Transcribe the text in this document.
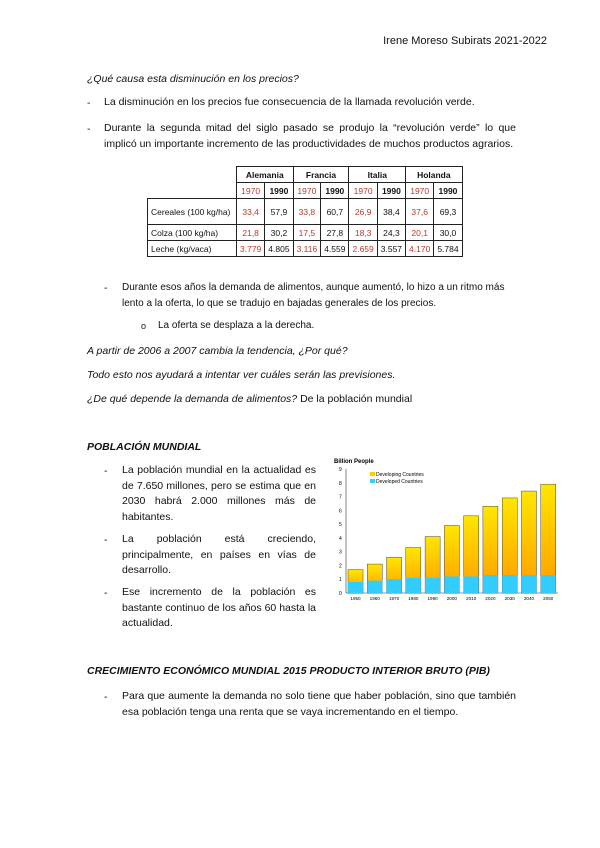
Irene Moreso Subirats 2021-2022
¿Qué causa esta disminución en los precios?
- La disminución en los precios fue consecuencia de la llamada revolución verde.
- Durante la segunda mitad del siglo pasado se produjo la “revolución verde” lo que implicó un importante incremento de las productividades de muchos productos agrarios.
	Alemania		Francia		Italia		Holanda	
	1970	1990	1970	1990	1970	1990	1970	1990
Cereales (100 kg/ha)	33,4	57,9	33,8	60,7	26,9	38,4	37,6	69,3
Colza (100 kg/ha)	21,8	30,2	17,5	27,8	18,3	24,3	20,1	30,0
Leche (kg/vaca)	3.779	4.805	3.116	4.559	2.659	3.557	4.170	5.784
- Durante esos años la demanda de alimentos, aunque aumentó, lo hizo a un ritmo más lento a la oferta, lo que se tradujo en bajadas generales de los precios.
o La oferta se desplaza a la derecha.
A partir de 2006 a 2007 cambia la tendencia, ¿Por qué?
Todo esto nos ayudará a intentar ver cuáles serán las previsiones.
¿De qué depende la demanda de alimentos? De la población mundial
POBLACIÓN MUNDIAL
- La población mundial en la actualidad es de 7.650 millones, pero se estima que en 2030 habrá 2.000 millones más de habitantes.
- La población está creciendo, principalmente, en países en vías de desarrollo.
- Ese incremento de la población es bastante continuo de los años 60 hasta la actualidad.
Billion People
0
1
2
3
4
5
6
7
8
9
1950 1960 1970 1980 1990 2000 2010 2020 2030 2040 2050
Developing Countries
Developed Countries
CRECIMIENTO ECONÓMICO MUNDIAL 2015 PRODUCTO INTERIOR BRUTO (PIB)
- Para que aumente la demanda no solo tiene que haber población, sino que también esa población tenga una renta que se vaya incrementando en el tiempo.
